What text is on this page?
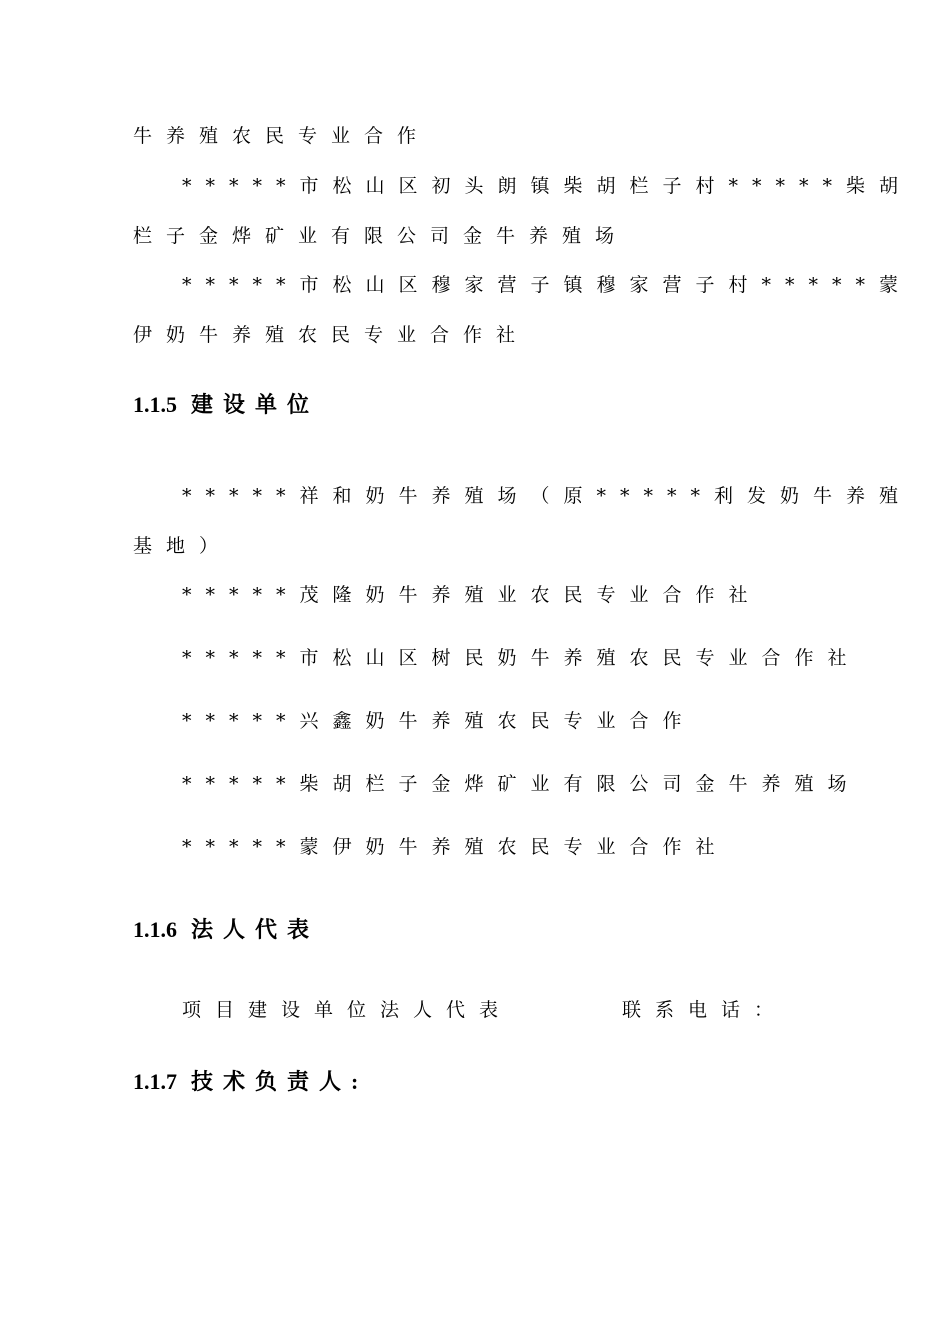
牛养殖农民专业合作
*****市松山区初头朗镇柴胡栏子村*****柴胡
栏子金烨矿业有限公司金牛养殖场
*****市松山区穆家营子镇穆家营子村*****蒙
伊奶牛养殖农民专业合作社
1.1.5 建设单位
*****祥和奶牛养殖场（原*****利发奶牛养殖
基地）
*****茂隆奶牛养殖业农民专业合作社
*****市松山区树民奶牛养殖农民专业合作社
*****兴鑫奶牛养殖农民专业合作
*****柴胡栏子金烨矿业有限公司金牛养殖场
*****蒙伊奶牛养殖农民专业合作社
1.1.6 法人代表
项目建设单位法人代表	联系电话：
1.1.7 技术负责人:
